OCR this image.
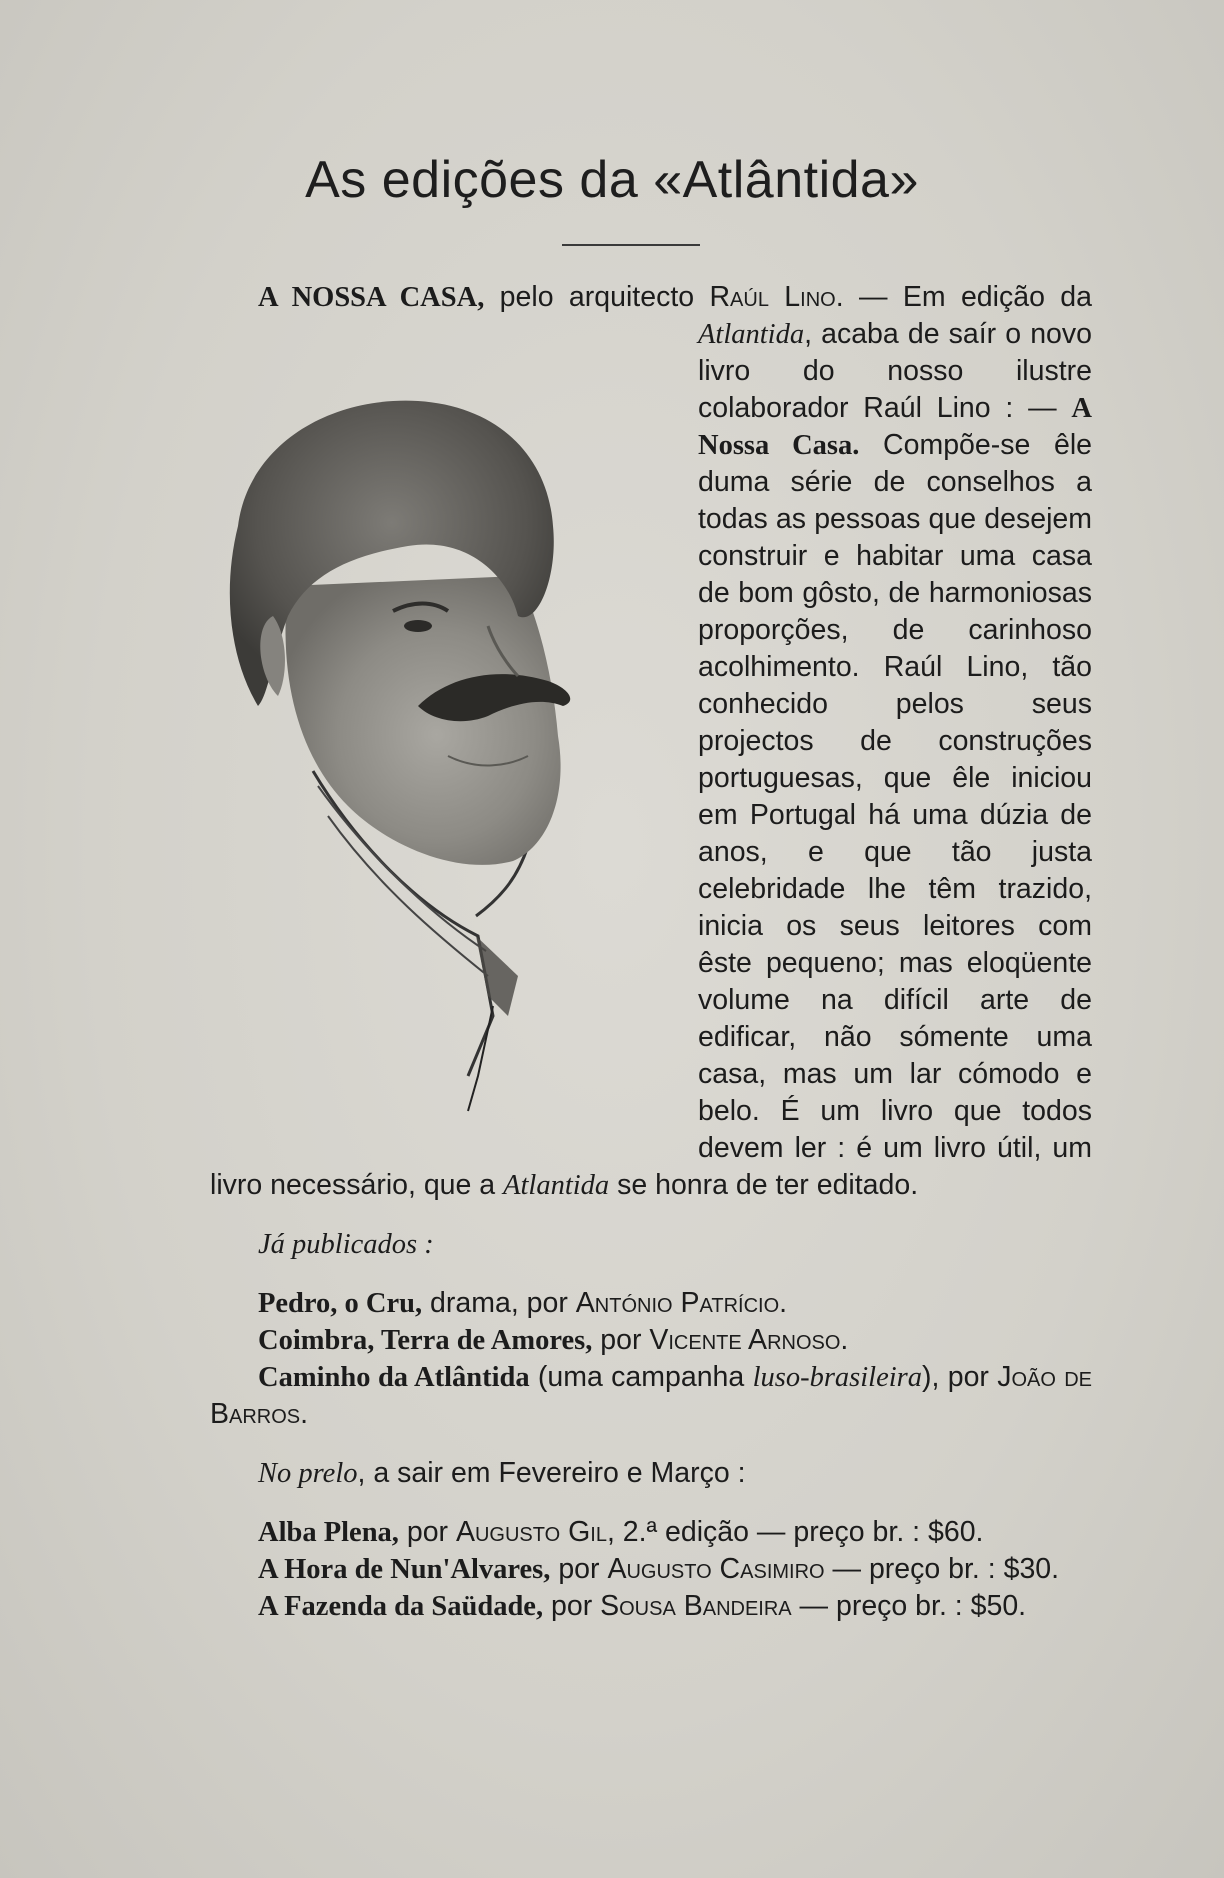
As edições da «Atlântida»

A NOSSA CASA, pelo arquitecto Raúl Lino. — Em edição da
Atlantida, acaba de saír o novo livro do nosso ilustre colaborador Raúl Lino : — A Nossa Casa. Compõe-se êle duma série de conselhos a todas as pessoas que desejem construir e habitar uma casa de bom gôsto, de harmoniosas proporções, de carinhoso acolhimento. Raúl Lino, tão conhecido pelos seus projectos de construções portuguesas, que êle iniciou em Portugal há uma dúzia de anos, e que tão justa celebridade lhe têm trazido, inicia os seus leitores com êste pequeno; mas eloqüente volume na difícil arte de edificar, não sómente uma casa, mas um lar cómodo e belo. É um livro que todos devem ler : é um livro útil, um livro necessário, que a Atlantida se honra de ter editado.

Já publicados :

Pedro, o Cru, drama, por António Patrício.

Coimbra, Terra de Amores, por Vicente Arnoso.

Caminho da Atlântida (uma campanha luso-brasileira), por João de Barros.

No prelo, a sair em Fevereiro e Março :

Alba Plena, por Augusto Gil, 2.ª edição — preço br. : $60.

A Hora de Nun'Alvares, por Augusto Casimiro — preço br. : $30.

A Fazenda da Saüdade, por Sousa Bandeira — preço br. : $50.
